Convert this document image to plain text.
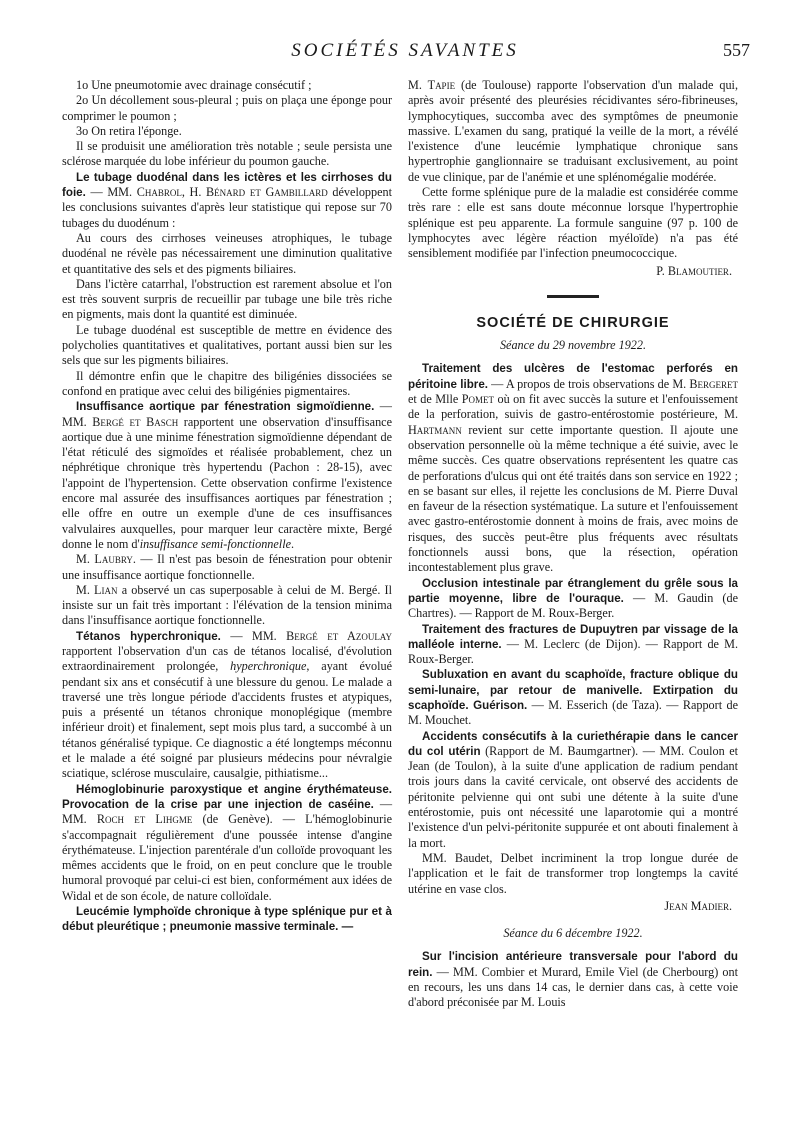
SOCIÉTÉS SAVANTES	557

1o Une pneumotomie avec drainage consécutif ;

2o Un décollement sous-pleural ; puis on plaça une éponge pour comprimer le poumon ;

3o On retira l'éponge.

Il se produisit une amélioration très notable ; seule persista une sclérose marquée du lobe inférieur du poumon gauche.

Le tubage duodénal dans les ictères et les cirrhoses du foie. — MM. Chabrol, H. Bénard et Gambillard développent les conclusions suivantes d'après leur statistique qui repose sur 70 tubages du duodénum :

Au cours des cirrhoses veineuses atrophiques, le tubage duodénal ne révèle pas nécessairement une diminution qualitative et quantitative des sels et des pigments biliaires.

Dans l'ictère catarrhal, l'obstruction est rarement absolue et l'on est très souvent surpris de recueillir par tubage une bile très riche en pigments, mais dont la quantité est diminuée.

Le tubage duodénal est susceptible de mettre en évidence des polycholies quantitatives et qualitatives, portant aussi bien sur les sels que sur les pigments biliaires.

Il démontre enfin que le chapitre des biligénies dissociées se confond en pratique avec celui des biligénies pigmentaires.

Insuffisance aortique par fénestration sigmoïdienne. — MM. Bergé et Basch rapportent une observation d'insuffisance aortique due à une minime fénestration sigmoïdienne dépendant de l'état réticulé des sigmoïdes et réalisée probablement, chez un néphrétique chronique très hypertendu (Pachon : 28-15), avec l'appoint de l'hypertension. Cette observation confirme l'existence encore mal assurée des insuffisances aortiques par fénestration ; elle offre en outre un exemple d'une de ces insuffisances valvulaires auxquelles, pour marquer leur caractère mixte, Bergé donne le nom d'insuffisance semi-fonctionnelle.

M. Laubry. — Il n'est pas besoin de fénestration pour obtenir une insuffisance aortique fonctionnelle.

M. Lian a observé un cas superposable à celui de M. Bergé. Il insiste sur un fait très important : l'élévation de la tension minima dans l'insuffisance aortique fonctionnelle.

Tétanos hyperchronique. — MM. Bergé et Azoulay rapportent l'observation d'un cas de tétanos localisé, d'évolution extraordinairement prolongée, hyperchronique, ayant évolué pendant six ans et consécutif à une blessure du genou. Le malade a traversé une très longue période d'accidents frustes et atypiques, puis a présenté un tétanos chronique monoplégique (membre inférieur droit) et finalement, sept mois plus tard, a succombé à un tétanos généralisé typique. Ce diagnostic a été longtemps méconnu et le malade a été soigné par plusieurs médecins pour névralgie sciatique, sclérose musculaire, causalgie, pithiatisme...

Hémoglobinurie paroxystique et angine érythémateuse. Provocation de la crise par une injection de caséine. — MM. Roch et Lihgme (de Genève). — L'hémoglobinurie s'accompagnait régulièrement d'une poussée intense d'angine érythémateuse. L'injection parentérale d'un colloïde provoquant les mêmes accidents que le froid, on en peut conclure que le trouble humoral provoqué par celui-ci est bien, conformément aux idées de Widal et de son école, de nature colloïdale.

Leucémie lymphoïde chronique à type splénique pur et à début pleurétique ; pneumonie massive terminale. —

M. Tapie (de Toulouse) rapporte l'observation d'un malade qui, après avoir présenté des pleurésies récidivantes séro-fibrineuses, lymphocytiques, succomba avec des symptômes de pneumonie massive. L'examen du sang, pratiqué la veille de la mort, a révélé l'existence d'une leucémie lymphatique chronique sans hypertrophie ganglionnaire se traduisant exclusivement, au point de vue clinique, par de l'anémie et une splénomégalie modérée.

Cette forme splénique pure de la maladie est considérée comme très rare : elle est sans doute méconnue lorsque l'hypertrophie splénique est peu apparente. La formule sanguine (97 p. 100 de lymphocytes avec légère réaction myéloïde) n'a pas été sensiblement modifiée par l'infection pneumococcique.

P. Blamoutier.
SOCIÉTÉ DE CHIRURGIE
Séance du 29 novembre 1922.

Traitement des ulcères de l'estomac perforés en péritoine libre. — A propos de trois observations de M. Bergeret et de Mlle Pomet où on fit avec succès la suture et l'enfouissement de la perforation, suivis de gastro-entérostomie postérieure, M. Hartmann revient sur cette importante question. Il ajoute une observation personnelle où la même technique a été suivie, avec le même succès. Ces quatre observations représentent les quatre cas de perforations d'ulcus qui ont été traités dans son service en 1922 ; en se basant sur elles, il rejette les conclusions de M. Pierre Duval en faveur de la résection systématique. La suture et l'enfouissement avec gastro-entérostomie donnent à moins de frais, avec moins de risques, des succès peut-être plus fréquents avec résultats fonctionnels aussi bons, que la résection, opération incontestablement plus grave.

Occlusion intestinale par étranglement du grêle sous la partie moyenne, libre de l'ouraque. — M. Gaudin (de Chartres). — Rapport de M. Roux-Berger.

Traitement des fractures de Dupuytren par vissage de la malléole interne. — M. Leclerc (de Dijon). — Rapport de M. Roux-Berger.

Subluxation en avant du scaphoïde, fracture oblique du semi-lunaire, par retour de manivelle. Extirpation du scaphoïde. Guérison. — M. Esserich (de Taza). — Rapport de M. Mouchet.

Accidents consécutifs à la curiethérapie dans le cancer du col utérin (Rapport de M. Baumgartner). — MM. Coulon et Jean (de Toulon), à la suite d'une application de radium pendant trois jours dans la cavité cervicale, ont observé des accidents de péritonite pelvienne qui ont subi une détente à la suite d'une entérostomie, puis ont nécessité une laparotomie qui a montré l'existence d'un pelvi-péritonite suppurée et ont abouti finalement à la mort.

MM. Baudet, Delbet incriminent la trop longue durée de l'application et le fait de transformer trop longtemps la cavité utérine en vase clos.

Jean Madier.
Séance du 6 décembre 1922.

Sur l'incision antérieure transversale pour l'abord du rein. — MM. Combier et Murard, Emile Viel (de Cherbourg) ont en recours, les uns dans 14 cas, le dernier dans cas, à cette voie d'abord préconisée par M. Louis
